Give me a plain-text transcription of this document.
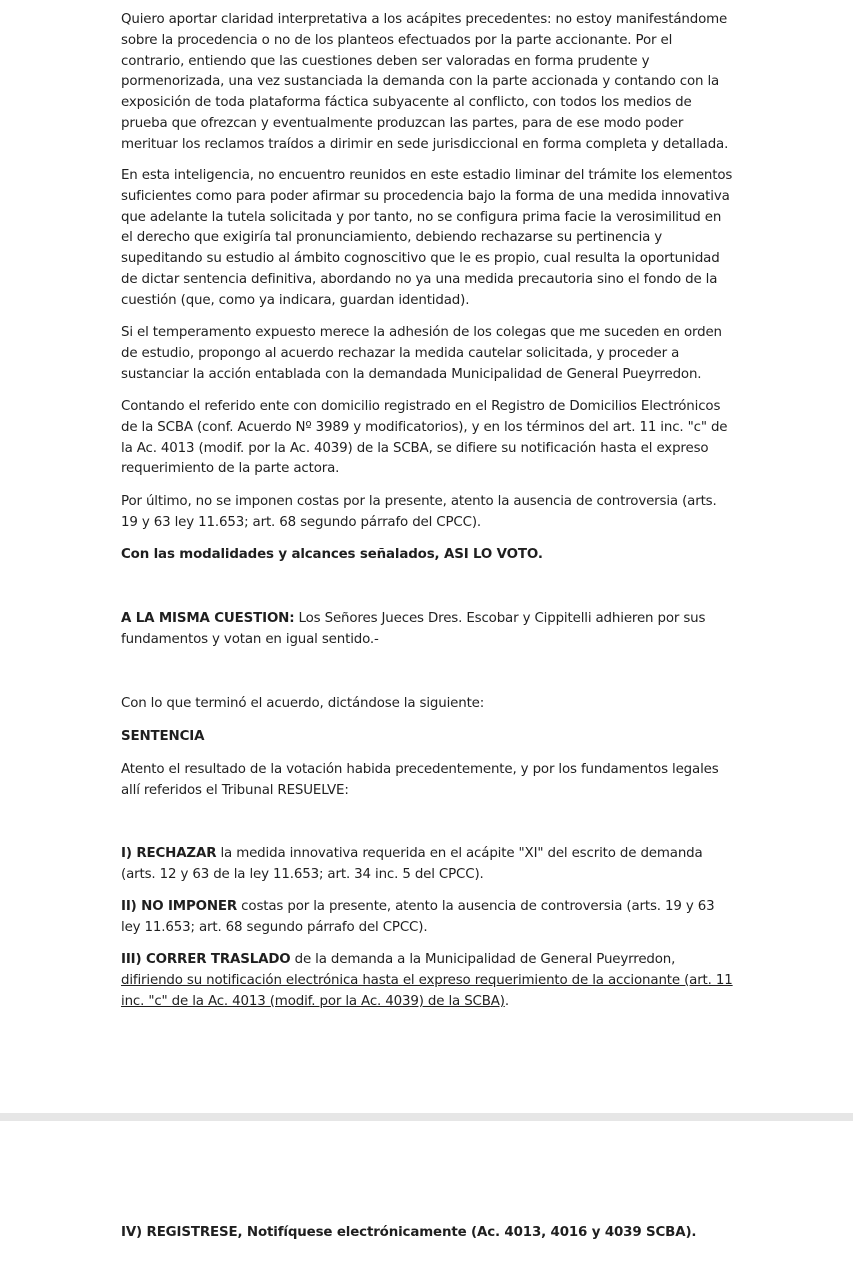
Quiero aportar claridad interpretativa a los acápites precedentes: no estoy manifestándome sobre la procedencia o no de los planteos efectuados por la parte accionante. Por el contrario, entiendo que las cuestiones deben ser valoradas en forma prudente y pormenorizada, una vez sustanciada la demanda con la parte accionada y contando con la exposición de toda plataforma fáctica subyacente al conflicto, con todos los medios de prueba que ofrezcan y eventualmente produzcan las partes, para de ese modo poder merituar los reclamos traídos a dirimir en sede jurisdiccional en forma completa y detallada.

En esta inteligencia, no encuentro reunidos en este estadio liminar del trámite los elementos suficientes como para poder afirmar su procedencia bajo la forma de una medida innovativa que adelante la tutela solicitada y por tanto, no se configura prima facie la verosimilitud en el derecho que exigiría tal pronunciamiento, debiendo rechazarse su pertinencia y supeditando su estudio al ámbito cognoscitivo que le es propio, cual resulta la oportunidad de dictar sentencia definitiva, abordando no ya una medida precautoria sino el fondo de la cuestión (que, como ya indicara, guardan identidad).

Si el temperamento expuesto merece la adhesión de los colegas que me suceden en orden de estudio, propongo al acuerdo rechazar la medida cautelar solicitada, y proceder a sustanciar la acción entablada con la demandada Municipalidad de General Pueyrredon.

Contando el referido ente con domicilio registrado en el Registro de Domicilios Electrónicos de la SCBA (conf. Acuerdo Nº 3989 y modificatorios), y en los términos del art. 11 inc. "c" de la Ac. 4013 (modif. por la Ac. 4039) de la SCBA, se difiere su notificación hasta el expreso requerimiento de la parte actora.

Por último, no se imponen costas por la presente, atento la ausencia de controversia (arts. 19 y 63 ley 11.653; art. 68 segundo párrafo del CPCC).

Con las modalidades y alcances señalados, ASI LO VOTO.

A LA MISMA CUESTION: Los Señores Jueces Dres. Escobar y Cippitelli adhieren por sus fundamentos y votan en igual sentido.-

Con lo que terminó el acuerdo, dictándose la siguiente:

SENTENCIA

Atento el resultado de la votación habida precedentemente, y por los fundamentos legales allí referidos el Tribunal RESUELVE:

I) RECHAZAR la medida innovativa requerida en el acápite "XI" del escrito de demanda (arts. 12 y 63 de la ley 11.653; art. 34 inc. 5 del CPCC).

II) NO IMPONER costas por la presente, atento la ausencia de controversia (arts. 19 y 63 ley 11.653; art. 68 segundo párrafo del CPCC).

III) CORRER TRASLADO de la demanda a la Municipalidad de General Pueyrredon, difiriendo su notificación electrónica hasta el expreso requerimiento de la accionante (art. 11 inc. "c" de la Ac. 4013 (modif. por la Ac. 4039) de la SCBA).

IV) REGISTRESE, Notifíquese electrónicamente (Ac. 4013, 4016 y 4039 SCBA).
